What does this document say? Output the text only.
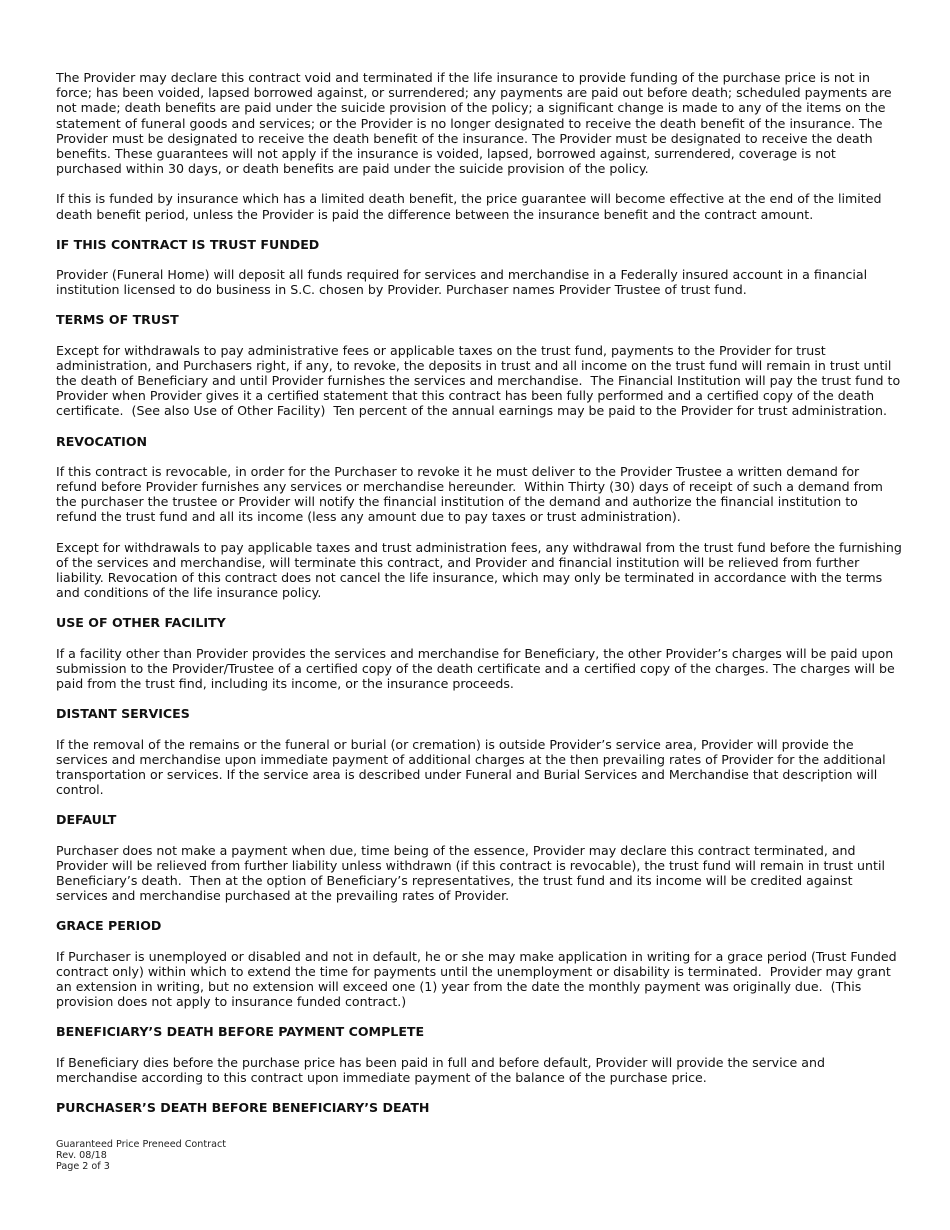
The Provider may declare this contract void and terminated if the life insurance to provide funding of the purchase price is not in force; has been voided, lapsed borrowed against, or surrendered; any payments are paid out before death; scheduled payments are not made; death benefits are paid under the suicide provision of the policy; a significant change is made to any of the items on the statement of funeral goods and services; or the Provider is no longer designated to receive the death benefit of the insurance. The Provider must be designated to receive the death benefit of the insurance. The Provider must be designated to receive the death benefits. These guarantees will not apply if the insurance is voided, lapsed, borrowed against, surrendered, coverage is not purchased within 30 days, or death benefits are paid under the suicide provision of the policy.

If this is funded by insurance which has a limited death benefit, the price guarantee will become effective at the end of the limited death benefit period, unless the Provider is paid the difference between the insurance benefit and the contract amount.

IF THIS CONTRACT IS TRUST FUNDED

Provider (Funeral Home) will deposit all funds required for services and merchandise in a Federally insured account in a financial institution licensed to do business in S.C. chosen by Provider. Purchaser names Provider Trustee of trust fund.

TERMS OF TRUST

Except for withdrawals to pay administrative fees or applicable taxes on the trust fund, payments to the Provider for trust administration, and Purchasers right, if any, to revoke, the deposits in trust and all income on the trust fund will remain in trust until the death of Beneficiary and until Provider furnishes the services and merchandise.  The Financial Institution will pay the trust fund to Provider when Provider gives it a certified statement that this contract has been fully performed and a certified copy of the death certificate.  (See also Use of Other Facility)  Ten percent of the annual earnings may be paid to the Provider for trust administration.

REVOCATION

If this contract is revocable, in order for the Purchaser to revoke it he must deliver to the Provider Trustee a written demand for refund before Provider furnishes any services or merchandise hereunder.  Within Thirty (30) days of receipt of such a demand from the purchaser the trustee or Provider will notify the financial institution of the demand and authorize the financial institution to refund the trust fund and all its income (less any amount due to pay taxes or trust administration).

Except for withdrawals to pay applicable taxes and trust administration fees, any withdrawal from the trust fund before the furnishing of the services and merchandise, will terminate this contract, and Provider and financial institution will be relieved from further liability. Revocation of this contract does not cancel the life insurance, which may only be terminated in accordance with the terms and conditions of the life insurance policy.

USE OF OTHER FACILITY

If a facility other than Provider provides the services and merchandise for Beneficiary, the other Provider’s charges will be paid upon submission to the Provider/Trustee of a certified copy of the death certificate and a certified copy of the charges. The charges will be paid from the trust find, including its income, or the insurance proceeds.

DISTANT SERVICES

If the removal of the remains or the funeral or burial (or cremation) is outside Provider’s service area, Provider will provide the services and merchandise upon immediate payment of additional charges at the then prevailing rates of Provider for the additional transportation or services. If the service area is described under Funeral and Burial Services and Merchandise that description will control.

DEFAULT

Purchaser does not make a payment when due, time being of the essence, Provider may declare this contract terminated, and Provider will be relieved from further liability unless withdrawn (if this contract is revocable), the trust fund will remain in trust until Beneficiary’s death.  Then at the option of Beneficiary’s representatives, the trust fund and its income will be credited against services and merchandise purchased at the prevailing rates of Provider.

GRACE PERIOD

If Purchaser is unemployed or disabled and not in default, he or she may make application in writing for a grace period (Trust Funded contract only) within which to extend the time for payments until the unemployment or disability is terminated.  Provider may grant an extension in writing, but no extension will exceed one (1) year from the date the monthly payment was originally due.  (This provision does not apply to insurance funded contract.)

BENEFICIARY’S DEATH BEFORE PAYMENT COMPLETE

If Beneficiary dies before the purchase price has been paid in full and before default, Provider will provide the service and merchandise according to this contract upon immediate payment of the balance of the purchase price.

PURCHASER’S DEATH BEFORE BENEFICIARY’S DEATH
Guaranteed Price Preneed Contract
Rev. 08/18
Page 2 of 3
